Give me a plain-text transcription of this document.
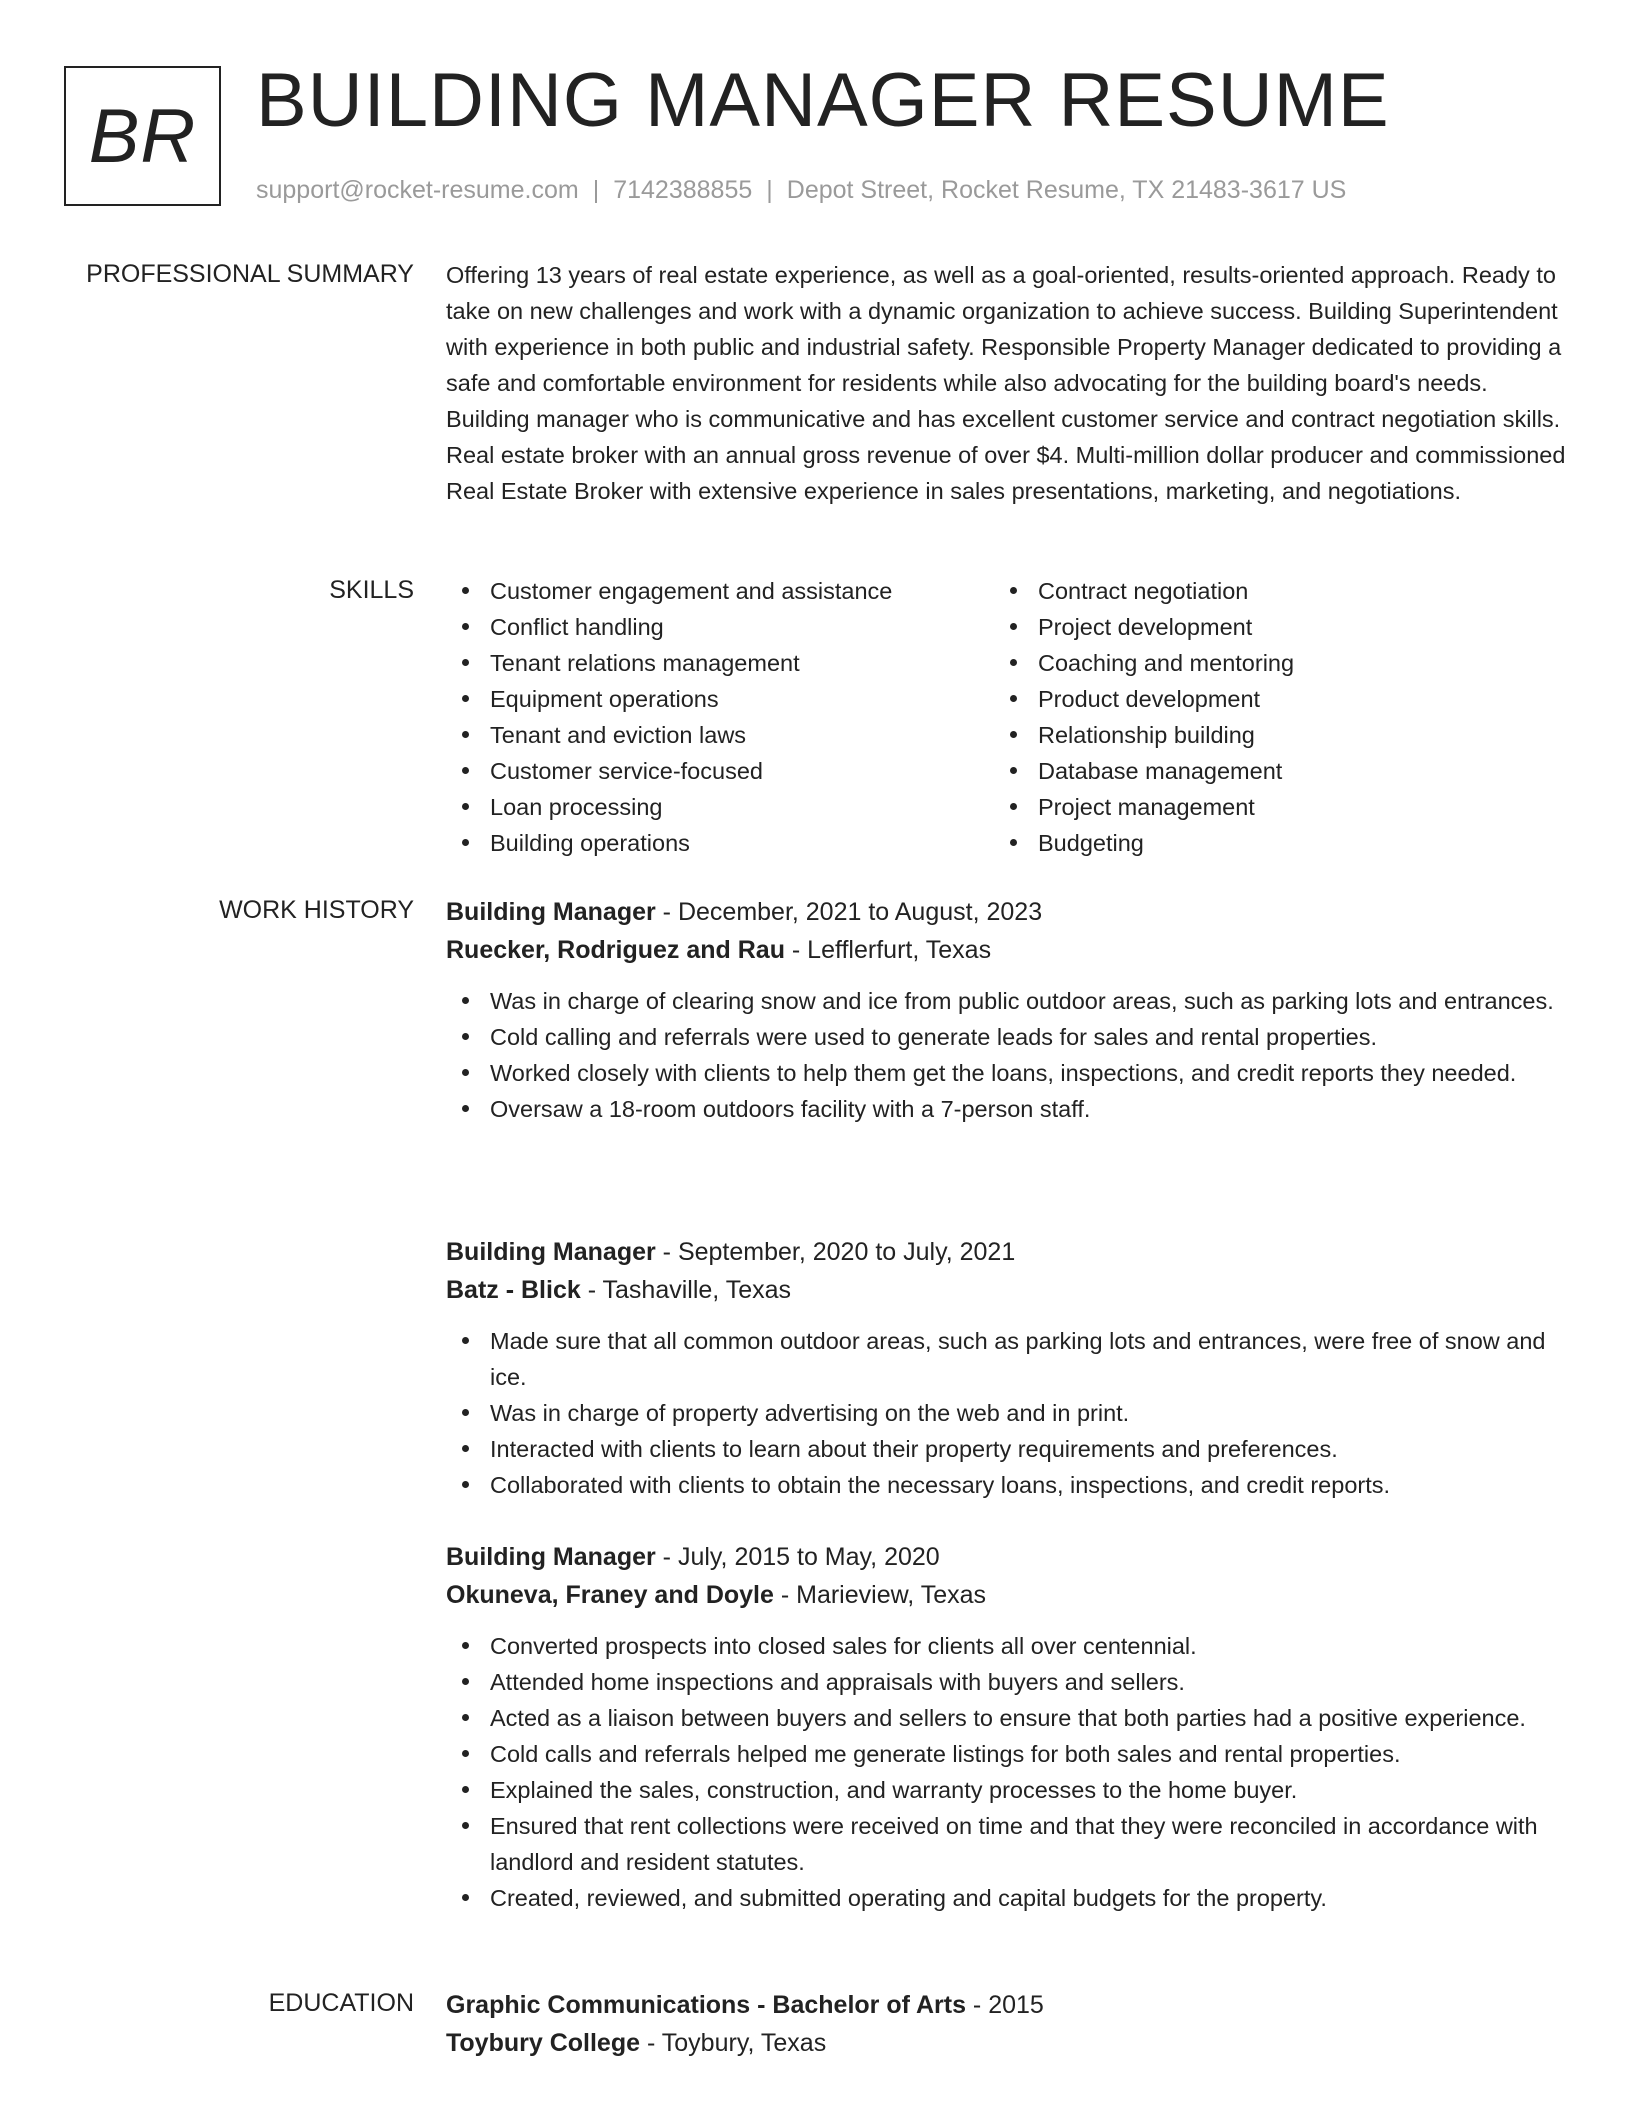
BR BUILDING MANAGER RESUME
support@rocket-resume.com | 7142388855 | Depot Street, Rocket Resume, TX 21483-3617 US
PROFESSIONAL SUMMARY Offering 13 years of real estate experience, as well as a goal-oriented, results-oriented approach. Ready to take on new challenges and work with a dynamic organization to achieve success. Building Superintendent with experience in both public and industrial safety. Responsible Property Manager dedicated to providing a safe and comfortable environment for residents while also advocating for the building board's needs. Building manager who is communicative and has excellent customer service and contract negotiation skills. Real estate broker with an annual gross revenue of over $4. Multi-million dollar producer and commissioned Real Estate Broker with extensive experience in sales presentations, marketing, and negotiations.

SKILLS	Customer engagement and assistance
Conflict handling
Tenant relations management
Equipment operations
Tenant and eviction laws
Customer service-focused
Loan processing
Building operations
Contract negotiation
Project development
Coaching and mentoring
Product development
Relationship building
Database management
Project management
Budgeting
WORK HISTORY Building Manager - December, 2021 to August, 2023
Ruecker, Rodriguez and Rau - Lefflerfurt, Texas
Was in charge of clearing snow and ice from public outdoor areas, such as parking lots and entrances.
Cold calling and referrals were used to generate leads for sales and rental properties.
Worked closely with clients to help them get the loans, inspections, and credit reports they needed.
Oversaw a 18-room outdoors facility with a 7-person staff.
Building Manager - September, 2020 to July, 2021
Batz - Blick - Tashaville, Texas
Made sure that all common outdoor areas, such as parking lots and entrances, were free of snow and ice.
Was in charge of property advertising on the web and in print.
Interacted with clients to learn about their property requirements and preferences.
Collaborated with clients to obtain the necessary loans, inspections, and credit reports.
Building Manager - July, 2015 to May, 2020
Okuneva, Franey and Doyle - Marieview, Texas
Converted prospects into closed sales for clients all over centennial.
Attended home inspections and appraisals with buyers and sellers.
Acted as a liaison between buyers and sellers to ensure that both parties had a positive experience.
Cold calls and referrals helped me generate listings for both sales and rental properties.
Explained the sales, construction, and warranty processes to the home buyer.
Ensured that rent collections were received on time and that they were reconciled in accordance with landlord and resident statutes.
Created, reviewed, and submitted operating and capital budgets for the property.
EDUCATION Graphic Communications - Bachelor of Arts - 2015
Toybury College - Toybury, Texas
